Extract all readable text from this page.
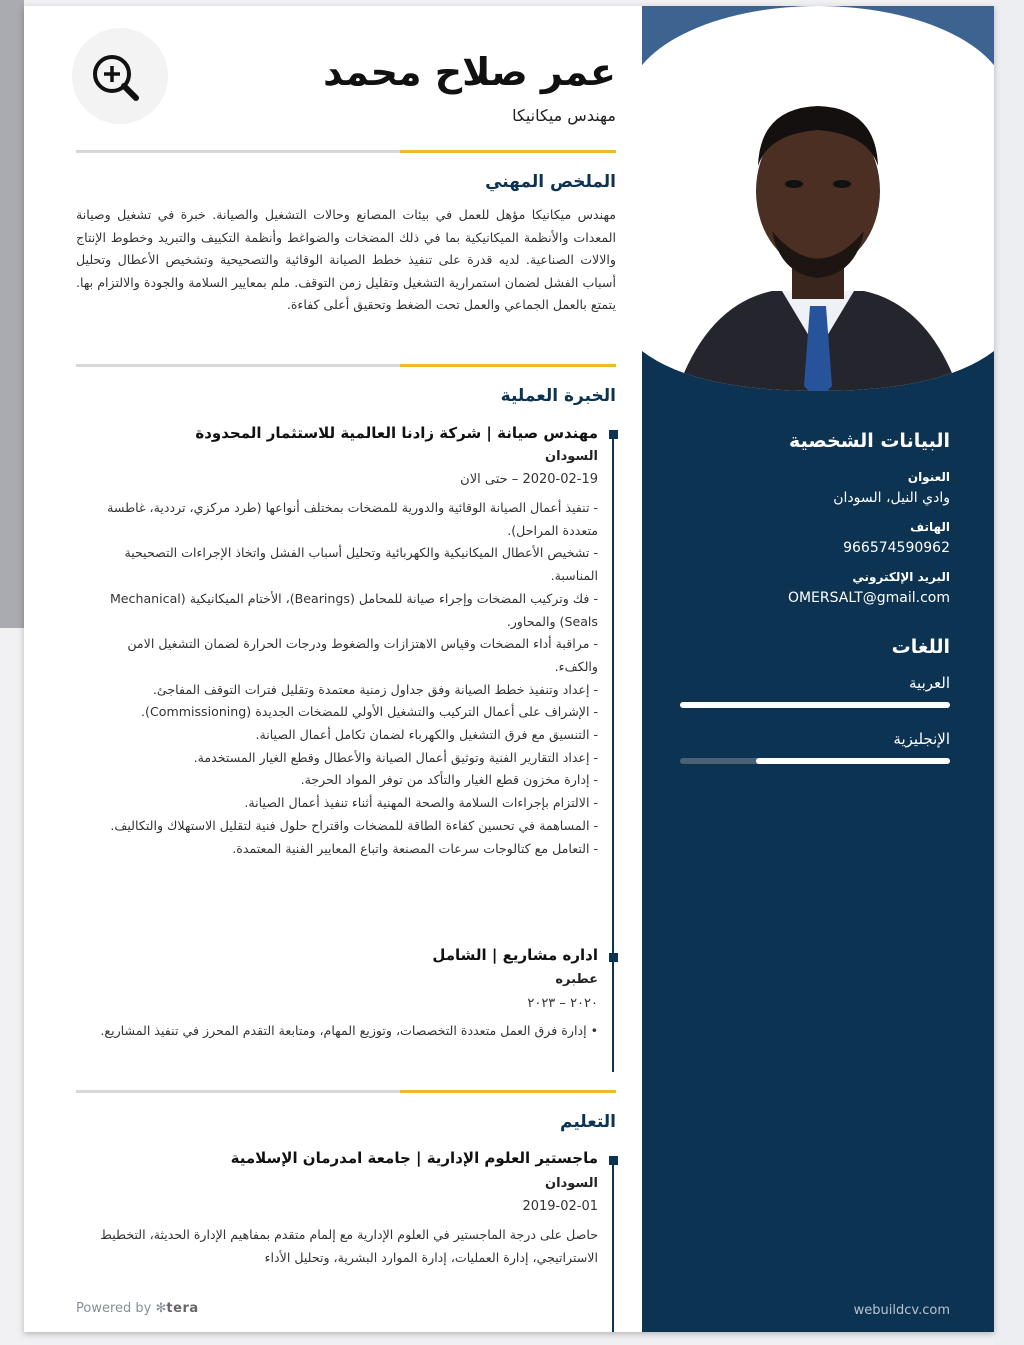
البيانات الشخصية
العنوان
وادي النيل، السودان
الهاتف
966574590962
البريد الإلكتروني
OMERSALT@gmail.com
اللغات
العربية
الإنجليزية
webuildcv.com
عمر صلاح محمد
مهندس ميكانيكا
الملخص المهني
مهندس ميكانيكا مؤهل للعمل في بيئات المصانع وحالات التشغيل والصيانة. خبرة في تشغيل وصيانة المعدات والأنظمة الميكانيكية بما في ذلك المضخات والضواغط وأنظمة التكييف والتبريد وخطوط الإنتاج والالات الصناعية. لديه قدرة على تنفيذ خطط الصيانة الوقائية والتصحيحية وتشخيص الأعطال وتحليل أسباب الفشل لضمان استمرارية التشغيل وتقليل زمن التوقف. ملم بمعايير السلامة والجودة والالتزام بها. يتمتع بالعمل الجماعي والعمل تحت الضغط وتحقيق أعلى كفاءة.
الخبرة العملية
مهندس صيانة | شركة زادنا العالمية للاستثمار المحدودة
السودان
2020-02-19 – حتى الان
- تنفيذ أعمال الصيانة الوقائية والدورية للمضخات بمختلف أنواعها (طرد مركزي، ترددية، غاطسة متعددة المراحل).
- تشخيص الأعطال الميكانيكية والكهربائية وتحليل أسباب الفشل واتخاذ الإجراءات التصحيحية المناسبة.
- فك وتركيب المضخات وإجراء صيانة للمحامل (Bearings)، الأختام الميكانيكية (Mechanical Seals) والمحاور.
- مراقبة أداء المضخات وقياس الاهتزازات والضغوط ودرجات الحرارة لضمان التشغيل الامن والكفء.
- إعداد وتنفيذ خطط الصيانة وفق جداول زمنية معتمدة وتقليل فترات التوقف المفاجئ.
- الإشراف على أعمال التركيب والتشغيل الأولي للمضخات الجديدة (Commissioning).
- التنسيق مع فرق التشغيل والكهرباء لضمان تكامل أعمال الصيانة.
- إعداد التقارير الفنية وتوثيق أعمال الصيانة والأعطال وقطع الغيار المستخدمة.
- إدارة مخزون قطع الغيار والتأكد من توفر المواد الحرجة.
- الالتزام بإجراءات السلامة والصحة المهنية أثناء تنفيذ أعمال الصيانة.
- المساهمة في تحسين كفاءة الطاقة للمضخات واقتراح حلول فنية لتقليل الاستهلاك والتكاليف.
- التعامل مع كتالوجات سرعات المصنعة واتباع المعايير الفنية المعتمدة.
اداره مشاريع | الشامل
عطبره
٢٠٢٠ – ٢٠٢٣
• إدارة فرق العمل متعددة التخصصات، وتوزيع المهام، ومتابعة التقدم المحرز في تنفيذ المشاريع.
التعليم
ماجستير العلوم الإدارية | جامعة امدرمان الإسلامية
السودان
2019-02-01
حاصل على درجة الماجستير في العلوم الإدارية مع إلمام متقدم بمفاهيم الإدارة الحديثة، التخطيط الاستراتيجي، إدارة العمليات، إدارة الموارد البشرية، وتحليل الأداء
Powered by ✻tera
